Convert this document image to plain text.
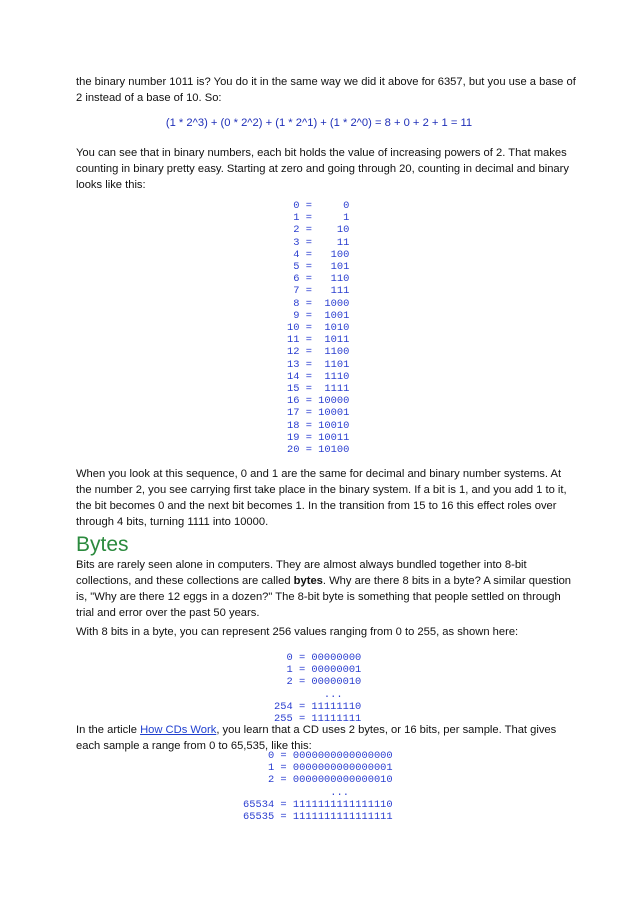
the binary number 1011 is? You do it in the same way we did it above for 6357, but you use a base of 2 instead of a base of 10. So:
(1 * 2^3) + (0 * 2^2) + (1 * 2^1) + (1 * 2^0) = 8 + 0 + 2 + 1 = 11
You can see that in binary numbers, each bit holds the value of increasing powers of 2. That makes counting in binary pretty easy. Starting at zero and going through 20, counting in decimal and binary looks like this:
0 =     0
1 =     1
2 =    10
3 =    11
4 =   100
5 =   101
6 =   110
7 =   111
8 =  1000
9 =  1001
10 =  1010
11 =  1011
12 =  1100
13 =  1101
14 =  1110
15 =  1111
16 = 10000
17 = 10001
18 = 10010
19 = 10011
20 = 10100
When you look at this sequence, 0 and 1 are the same for decimal and binary number systems. At the number 2, you see carrying first take place in the binary system. If a bit is 1, and you add 1 to it, the bit becomes 0 and the next bit becomes 1. In the transition from 15 to 16 this effect roles over through 4 bits, turning 1111 into 10000.
Bytes
Bits are rarely seen alone in computers. They are almost always bundled together into 8-bit collections, and these collections are called bytes. Why are there 8 bits in a byte? A similar question is, "Why are there 12 eggs in a dozen?" The 8-bit byte is something that people settled on through trial and error over the past 50 years.
With 8 bits in a byte, you can represent 256 values ranging from 0 to 255, as shown here:
0 = 00000000
1 = 00000001
2 = 00000010
...
254 = 11111110
255 = 11111111
In the article How CDs Work, you learn that a CD uses 2 bytes, or 16 bits, per sample. That gives each sample a range from 0 to 65,535, like this:
0 = 0000000000000000
1 = 0000000000000001
2 = 0000000000000010
...
65534 = 1111111111111110
65535 = 1111111111111111
